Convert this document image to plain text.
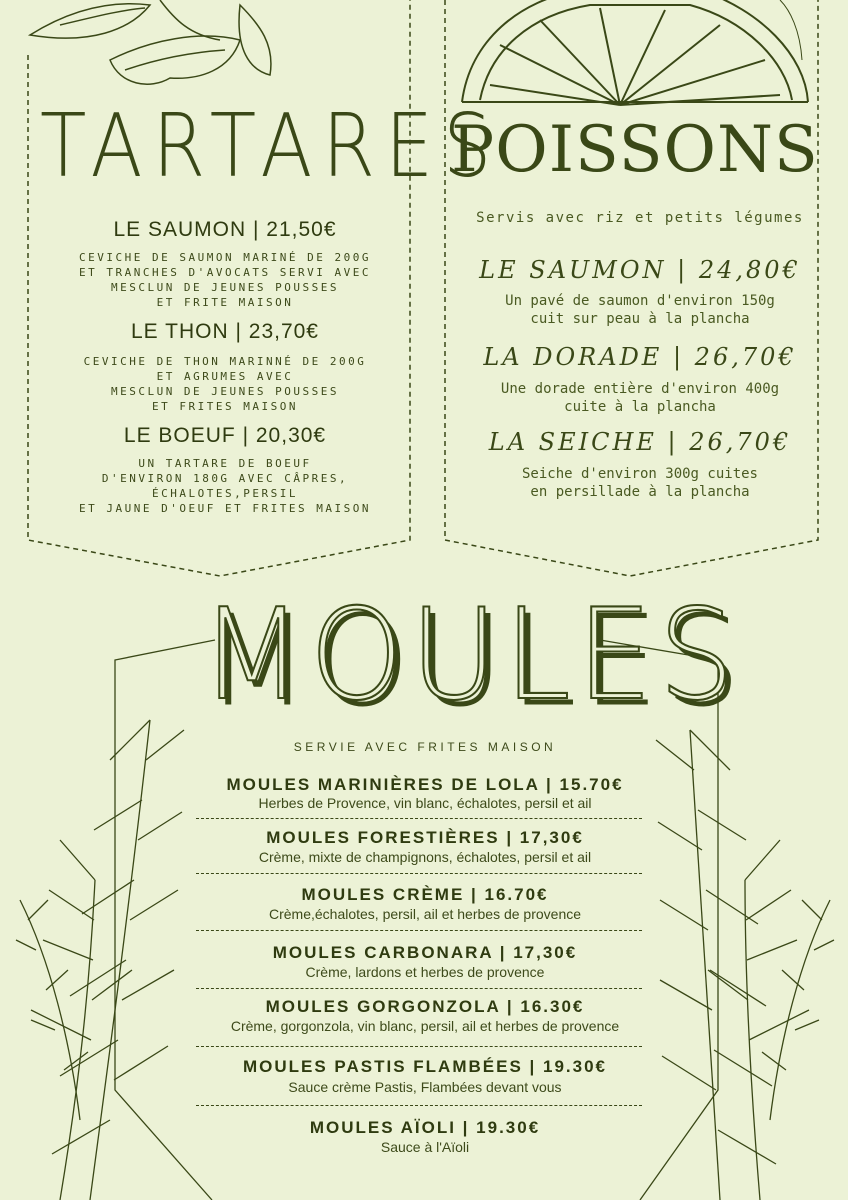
TARTARES
LE SAUMON | 21,50€
CEVICHE DE SAUMON MARINÉ DE 200G
ET TRANCHES D'AVOCATS SERVI AVEC
MESCLUN DE JEUNES POUSSES
ET FRITE MAISON
LE THON | 23,70€
CEVICHE DE THON MARINNÉ DE 200G
ET AGRUMES AVEC
MESCLUN DE JEUNES POUSSES
ET FRITES MAISON
LE BOEUF | 20,30€
UN TARTARE DE BOEUF
D'ENVIRON 180G AVEC CÂPRES,
ÉCHALOTES,PERSIL
ET JAUNE D'OEUF ET FRITES MAISON
POISSONS
Servis avec riz et petits légumes
LE SAUMON | 24,80€
Un pavé de saumon d'environ 150g
cuit sur peau à la plancha
LA DORADE | 26,70€
Une dorade entière d'environ 400g
cuite à la plancha
LA SEICHE | 26,70€
Seiche d'environ 300g cuites
en persillade à la plancha
MOULES
SERVIE AVEC FRITES MAISON
MOULES MARINIÈRES DE LOLA | 15.70€
Herbes de Provence, vin blanc, échalotes, persil et ail
MOULES FORESTIÈRES | 17,30€
Crème, mixte de champignons, échalotes, persil et ail
MOULES CRÈME | 16.70€
Crème,échalotes, persil, ail et herbes de provence
MOULES CARBONARA | 17,30€
Crème, lardons et herbes de provence
MOULES GORGONZOLA | 16.30€
Crème, gorgonzola, vin blanc, persil, ail et herbes de provence
MOULES PASTIS FLAMBÉES | 19.30€
Sauce crème Pastis, Flambées devant vous
MOULES AÏOLI | 19.30€
Sauce à l'Aïoli
